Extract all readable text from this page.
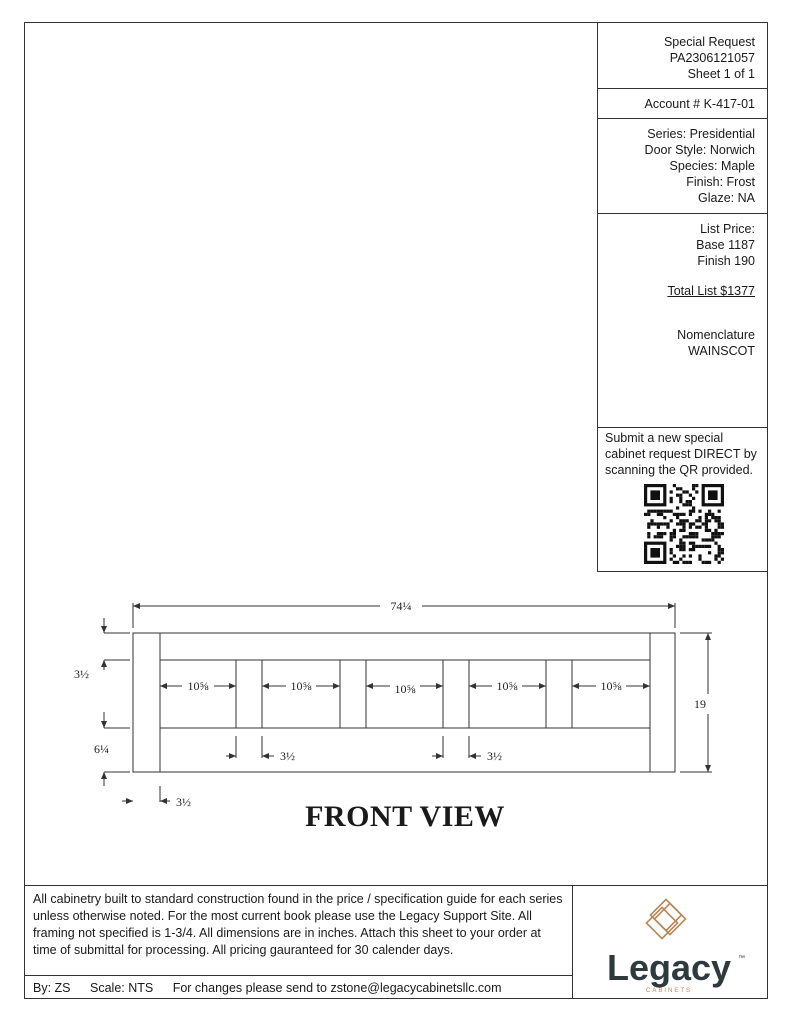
Special Request
PA2306121057
Sheet 1 of 1
Account # K-417-01
Series: Presidential
Door Style: Norwich
Species: Maple
Finish: Frost
Glaze: NA
List Price:
Base 1187
Finish 190
Total List $1377
Nomenclature
WAINSCOT
Submit a new special cabinet request DIRECT by scanning the QR provided.
74¼
19
3½
6¼
3½
3½	3½
10⅝	10⅝	10⅝	10⅝	10⅝
FRONT VIEW
All cabinetry built to standard construction found in the price / specification guide for each series unless otherwise noted. For the most current book please use the Legacy Support Site. All framing not specified is 1-3/4. All dimensions are in inches. Attach this sheet to your order at time of submittal for processing. All pricing gauranteed for 30 calender days.
By: ZS Scale: NTS For changes please send to zstone@legacycabinetsllc.com	Legacy ™
CABINETS
